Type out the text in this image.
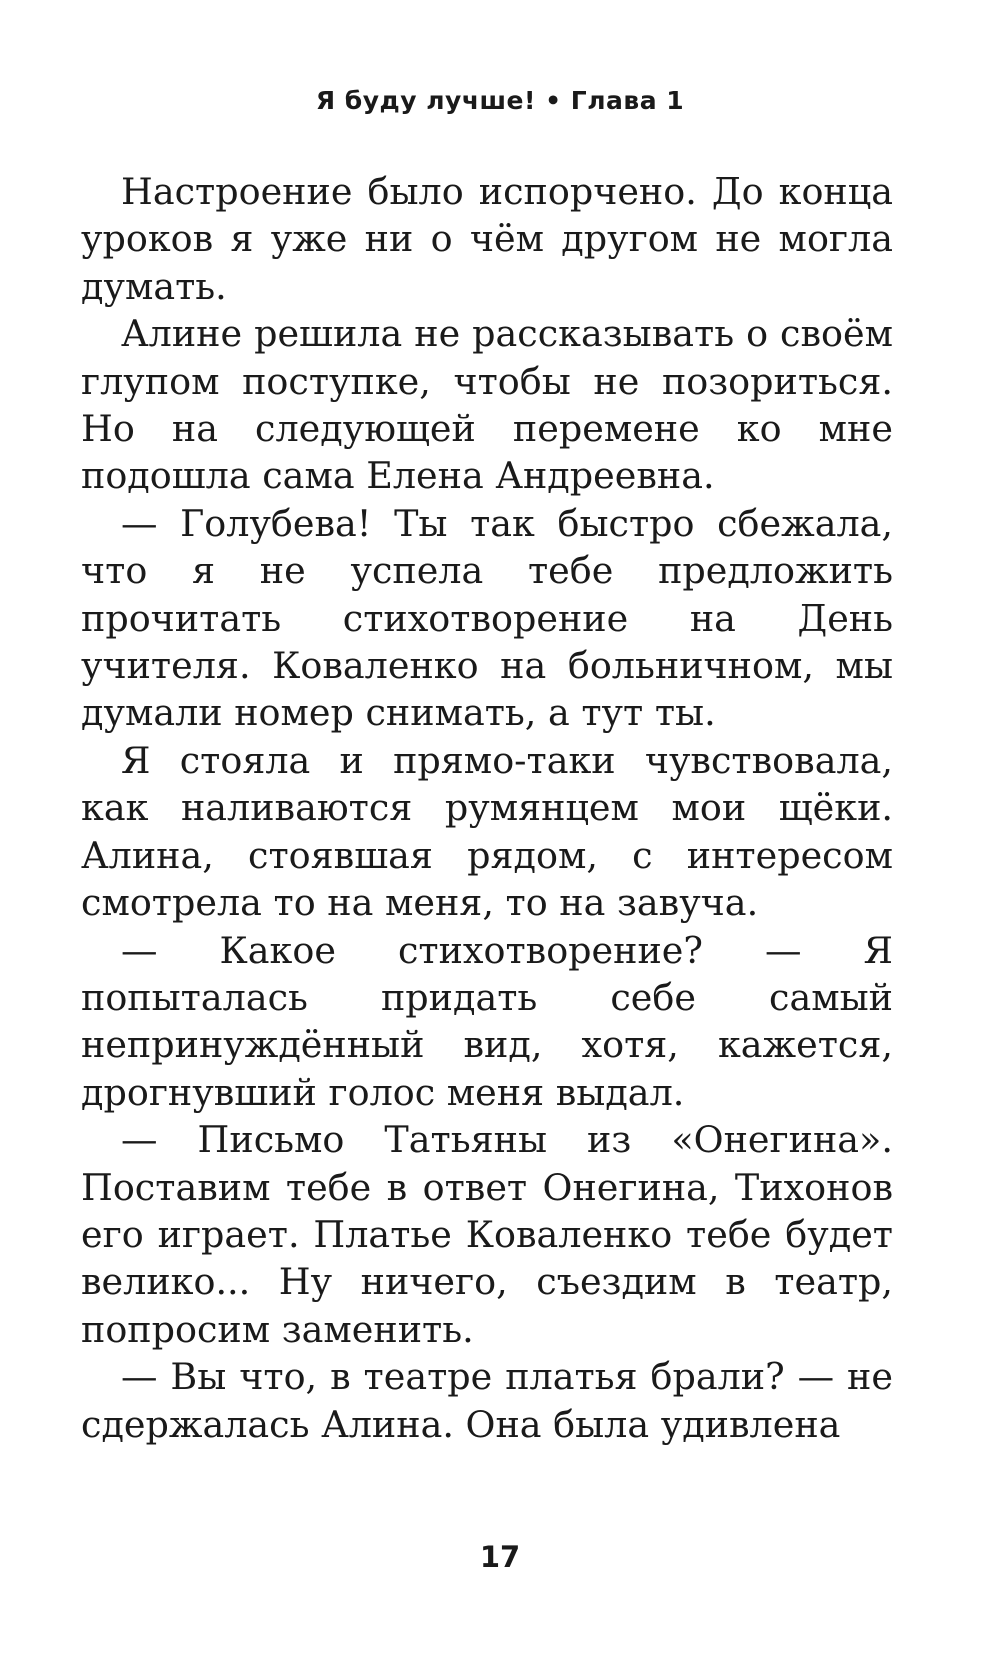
Я буду лучше! • Глава 1

Настроение было испорчено. До конца уроков я уже ни о чём другом не могла думать.

Алине решила не рассказывать о своём глупом поступке, чтобы не позориться. Но на следующей перемене ко мне подошла сама Елена Андреевна.

— Голубева! Ты так быстро сбежала, что я не успела тебе предложить прочитать стихотворение на День учителя. Коваленко на больничном, мы думали номер снимать, а тут ты.

Я стояла и прямо-таки чувствовала, как наливаются румянцем мои щёки. Алина, стоявшая рядом, с интересом смотрела то на меня, то на завуча.

— Какое стихотворение? — Я попыталась придать себе самый непринуждённый вид, хотя, кажется, дрогнувший голос меня выдал.

— Письмо Татьяны из «Онегина». Поставим тебе в ответ Онегина, Тихонов его играет. Платье Коваленко тебе будет велико... Ну ничего, съездим в театр, попросим заменить.

— Вы что, в театре платья брали? — не сдержалась Алина. Она была удивлена

17
